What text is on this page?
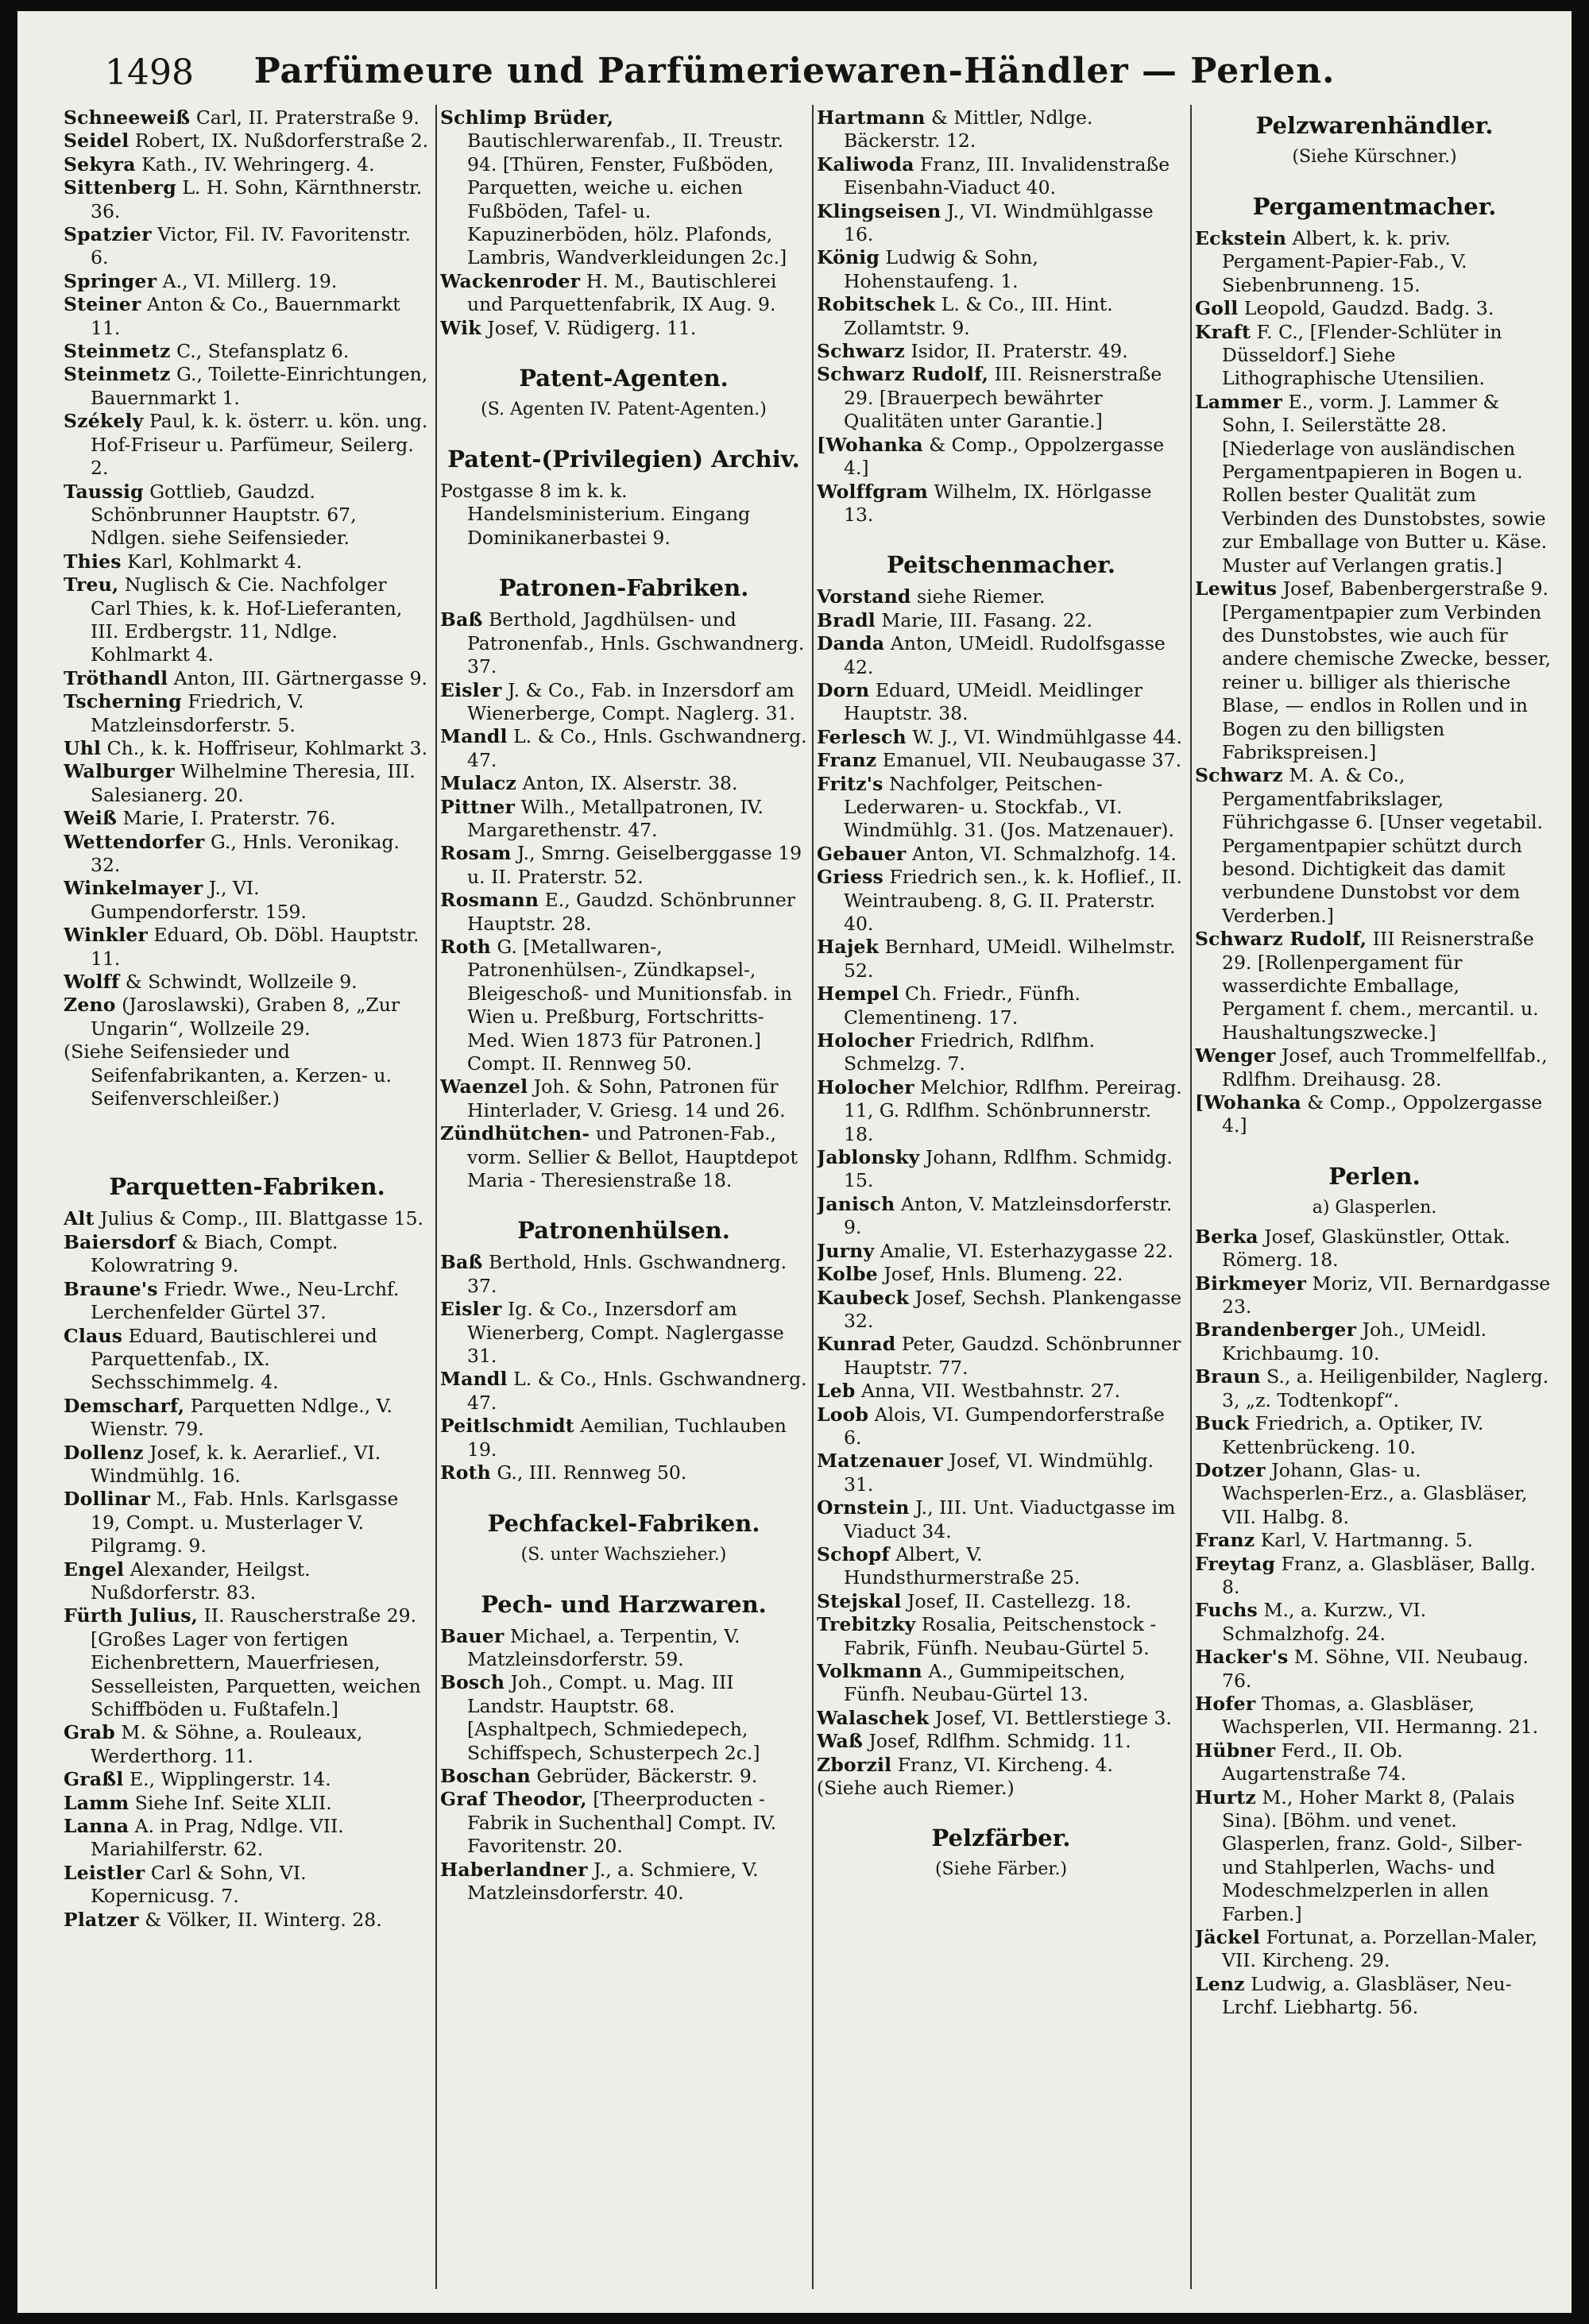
1498	Parfümeure und Parfümeriewaren-Händler — Perlen.

Schneeweiß Carl, II. Praterstraße 9.

Seidel Robert, IX. Nußdorferstraße 2.

Sekyra Kath., IV. Wehringerg. 4.

Sittenberg L. H. Sohn, Kärnthnerstr. 36.

Spatzier Victor, Fil. IV. Favoritenstr. 6.

Springer A., VI. Millerg. 19.

Steiner Anton & Co., Bauernmarkt 11.

Steinmetz C., Stefansplatz 6.

Steinmetz G., Toilette-Einrichtungen, Bauernmarkt 1.

Székely Paul, k. k. österr. u. kön. ung. Hof-Friseur u. Parfümeur, Seilerg. 2.

Taussig Gottlieb, Gaudzd. Schönbrunner Hauptstr. 67, Ndlgen. siehe Seifensieder.

Thies Karl, Kohlmarkt 4.

Treu, Nuglisch & Cie. Nachfolger Carl Thies, k. k. Hof-Lieferanten, III. Erdbergstr. 11, Ndlge. Kohlmarkt 4.

Tröthandl Anton, III. Gärtnergasse 9.

Tscherning Friedrich, V. Matzleinsdorferstr. 5.

Uhl Ch., k. k. Hoffriseur, Kohlmarkt 3.

Walburger Wilhelmine Theresia, III. Salesianerg. 20.

Weiß Marie, I. Praterstr. 76.

Wettendorfer G., Hnls. Veronikag. 32.

Winkelmayer J., VI. Gumpendorferstr. 159.

Winkler Eduard, Ob. Döbl. Hauptstr. 11.

Wolff & Schwindt, Wollzeile 9.

Zeno (Jaroslawski), Graben 8, „Zur Ungarin“, Wollzeile 29.

(Siehe Seifensieder und Seifenfabrikanten, a. Kerzen- u. Seifenverschleißer.)

Parquetten-Fabriken.

Alt Julius & Comp., III. Blattgasse 15.

Baiersdorf & Biach, Compt. Kolowratring 9.

Braune's Friedr. Wwe., Neu-Lrchf. Lerchenfelder Gürtel 37.

Claus Eduard, Bautischlerei und Parquettenfab., IX. Sechsschimmelg. 4.

Demscharf, Parquetten Ndlge., V. Wienstr. 79.

Dollenz Josef, k. k. Aerarlief., VI. Windmühlg. 16.

Dollinar M., Fab. Hnls. Karlsgasse 19, Compt. u. Musterlager V. Pilgramg. 9.

Engel Alexander, Heilgst. Nußdorferstr. 83.

Fürth Julius, II. Rauscherstraße 29. [Großes Lager von fertigen Eichenbrettern, Mauerfriesen, Sesselleisten, Parquetten, weichen Schiffböden u. Fußtafeln.]

Grab M. & Söhne, a. Rouleaux, Werderthorg. 11.

Graßl E., Wipplingerstr. 14.

Lamm Siehe Inf. Seite XLII.

Lanna A. in Prag, Ndlge. VII. Mariahilferstr. 62.

Leistler Carl & Sohn, VI. Kopernicusg. 7.

Platzer & Völker, II. Winterg. 28.

Schlimp Brüder, Bautischlerwarenfab., II. Treustr. 94. [Thüren, Fenster, Fußböden, Parquetten, weiche u. eichen Fußböden, Tafel- u. Kapuzinerböden, hölz. Plafonds, Lambris, Wandverkleidungen 2c.]

Wackenroder H. M., Bautischlerei und Parquettenfabrik, IX Aug. 9.

Wik Josef, V. Rüdigerg. 11.

Patent-Agenten.
(S. Agenten IV. Patent-Agenten.)
Patent-(Privilegien) Archiv.

Postgasse 8 im k. k. Handelsministerium. Eingang Dominikanerbastei 9.

Patronen-Fabriken.

Baß Berthold, Jagdhülsen- und Patronenfab., Hnls. Gschwandnerg. 37.

Eisler J. & Co., Fab. in Inzersdorf am Wienerberge, Compt. Naglerg. 31.

Mandl L. & Co., Hnls. Gschwandnerg. 47.

Mulacz Anton, IX. Alserstr. 38.

Pittner Wilh., Metallpatronen, IV. Margarethenstr. 47.

Rosam J., Smrng. Geiselberggasse 19 u. II. Praterstr. 52.

Rosmann E., Gaudzd. Schönbrunner Hauptstr. 28.

Roth G. [Metallwaren-, Patronenhülsen-, Zündkapsel-, Bleigeschoß- und Munitionsfab. in Wien u. Preßburg, Fortschritts-Med. Wien 1873 für Patronen.] Compt. II. Rennweg 50.

Waenzel Joh. & Sohn, Patronen für Hinterlader, V. Griesg. 14 und 26.

Zündhütchen- und Patronen-Fab., vorm. Sellier & Bellot, Hauptdepot Maria - Theresienstraße 18.

Patronenhülsen.

Baß Berthold, Hnls. Gschwandnerg. 37.

Eisler Ig. & Co., Inzersdorf am Wienerberg, Compt. Naglergasse 31.

Mandl L. & Co., Hnls. Gschwandnerg. 47.

Peitlschmidt Aemilian, Tuchlauben 19.

Roth G., III. Rennweg 50.

Pechfackel-Fabriken.
(S. unter Wachszieher.)
Pech- und Harzwaren.

Bauer Michael, a. Terpentin, V. Matzleinsdorferstr. 59.

Bosch Joh., Compt. u. Mag. III Landstr. Hauptstr. 68. [Asphaltpech, Schmiedepech, Schiffspech, Schusterpech 2c.]

Boschan Gebrüder, Bäckerstr. 9.

Graf Theodor, [Theerproducten - Fabrik in Suchenthal] Compt. IV. Favoritenstr. 20.

Haberlandner J., a. Schmiere, V. Matzleinsdorferstr. 40.

Hartmann & Mittler, Ndlge. Bäckerstr. 12.

Kaliwoda Franz, III. Invalidenstraße Eisenbahn-Viaduct 40.

Klingseisen J., VI. Windmühlgasse 16.

König Ludwig & Sohn, Hohenstaufeng. 1.

Robitschek L. & Co., III. Hint. Zollamtstr. 9.

Schwarz Isidor, II. Praterstr. 49.

Schwarz Rudolf, III. Reisnerstraße 29. [Brauerpech bewährter Qualitäten unter Garantie.]

[Wohanka & Comp., Oppolzergasse 4.]

Wolffgram Wilhelm, IX. Hörlgasse 13.

Peitschenmacher.

Vorstand siehe Riemer.

Bradl Marie, III. Fasang. 22.

Danda Anton, UMeidl. Rudolfsgasse 42.

Dorn Eduard, UMeidl. Meidlinger Hauptstr. 38.

Ferlesch W. J., VI. Windmühlgasse 44.

Franz Emanuel, VII. Neubaugasse 37.

Fritz's Nachfolger, Peitschen-Lederwaren- u. Stockfab., VI. Windmühlg. 31. (Jos. Matzenauer).

Gebauer Anton, VI. Schmalzhofg. 14.

Griess Friedrich sen., k. k. Hoflief., II. Weintraubeng. 8, G. II. Praterstr. 40.

Hajek Bernhard, UMeidl. Wilhelmstr. 52.

Hempel Ch. Friedr., Fünfh. Clementineng. 17.

Holocher Friedrich, Rdlfhm. Schmelzg. 7.

Holocher Melchior, Rdlfhm. Pereirag. 11, G. Rdlfhm. Schönbrunnerstr. 18.

Jablonsky Johann, Rdlfhm. Schmidg. 15.

Janisch Anton, V. Matzleinsdorferstr. 9.

Jurny Amalie, VI. Esterhazygasse 22.

Kolbe Josef, Hnls. Blumeng. 22.

Kaubeck Josef, Sechsh. Plankengasse 32.

Kunrad Peter, Gaudzd. Schönbrunner Hauptstr. 77.

Leb Anna, VII. Westbahnstr. 27.

Loob Alois, VI. Gumpendorferstraße 6.

Matzenauer Josef, VI. Windmühlg. 31.

Ornstein J., III. Unt. Viaductgasse im Viaduct 34.

Schopf Albert, V. Hundsthurmerstraße 25.

Stejskal Josef, II. Castellezg. 18.

Trebitzky Rosalia, Peitschenstock - Fabrik, Fünfh. Neubau-Gürtel 5.

Volkmann A., Gummipeitschen, Fünfh. Neubau-Gürtel 13.

Walaschek Josef, VI. Bettlerstiege 3.

Waß Josef, Rdlfhm. Schmidg. 11.

Zborzil Franz, VI. Kircheng. 4.

(Siehe auch Riemer.)

Pelzfärber.
(Siehe Färber.)
Pelzwarenhändler.
(Siehe Kürschner.)
Pergamentmacher.

Eckstein Albert, k. k. priv. Pergament-Papier-Fab., V. Siebenbrunneng. 15.

Goll Leopold, Gaudzd. Badg. 3.

Kraft F. C., [Flender-Schlüter in Düsseldorf.] Siehe Lithographische Utensilien.

Lammer E., vorm. J. Lammer & Sohn, I. Seilerstätte 28. [Niederlage von ausländischen Pergamentpapieren in Bogen u. Rollen bester Qualität zum Verbinden des Dunstobstes, sowie zur Emballage von Butter u. Käse. Muster auf Verlangen gratis.]

Lewitus Josef, Babenbergerstraße 9. [Pergamentpapier zum Verbinden des Dunstobstes, wie auch für andere chemische Zwecke, besser, reiner u. billiger als thierische Blase, — endlos in Rollen und in Bogen zu den billigsten Fabrikspreisen.]

Schwarz M. A. & Co., Pergamentfabrikslager, Führichgasse 6. [Unser vegetabil. Pergamentpapier schützt durch besond. Dichtigkeit das damit verbundene Dunstobst vor dem Verderben.]

Schwarz Rudolf, III Reisnerstraße 29. [Rollenpergament für wasserdichte Emballage, Pergament f. chem., mercantil. u. Haushaltungszwecke.]

Wenger Josef, auch Trommelfellfab., Rdlfhm. Dreihausg. 28.

[Wohanka & Comp., Oppolzergasse 4.]

Perlen.
a) Glasperlen.

Berka Josef, Glaskünstler, Ottak. Römerg. 18.

Birkmeyer Moriz, VII. Bernardgasse 23.

Brandenberger Joh., UMeidl. Krichbaumg. 10.

Braun S., a. Heiligenbilder, Naglerg. 3, „z. Todtenkopf“.

Buck Friedrich, a. Optiker, IV. Kettenbrückeng. 10.

Dotzer Johann, Glas- u. Wachsperlen-Erz., a. Glasbläser, VII. Halbg. 8.

Franz Karl, V. Hartmanng. 5.

Freytag Franz, a. Glasbläser, Ballg. 8.

Fuchs M., a. Kurzw., VI. Schmalzhofg. 24.

Hacker's M. Söhne, VII. Neubaug. 76.

Hofer Thomas, a. Glasbläser, Wachsperlen, VII. Hermanng. 21.

Hübner Ferd., II. Ob. Augartenstraße 74.

Hurtz M., Hoher Markt 8, (Palais Sina). [Böhm. und venet. Glasperlen, franz. Gold-, Silber- und Stahlperlen, Wachs- und Modeschmelzperlen in allen Farben.]

Jäckel Fortunat, a. Porzellan-Maler, VII. Kircheng. 29.

Lenz Ludwig, a. Glasbläser, Neu-Lrchf. Liebhartg. 56.
